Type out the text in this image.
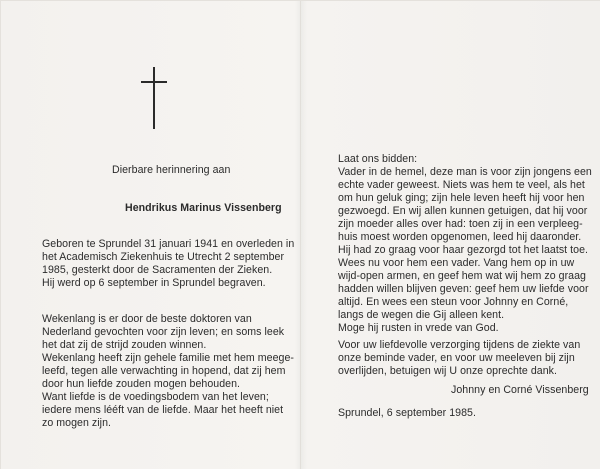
Dierbare herinnering aan
Hendrikus Marinus Vissenberg
Geboren te Sprundel 31 januari 1941 en overleden in
het Academisch Ziekenhuis te Utrecht 2 september
1985, gesterkt door de Sacramenten der Zieken.
Hij werd op 6 september in Sprundel begraven.
Wekenlang is er door de beste doktoren van
Nederland gevochten voor zijn leven; en soms leek
het dat zij de strijd zouden winnen.
Wekenlang heeft zijn gehele familie met hem meege-
leefd, tegen alle verwachting in hopend, dat zij hem
door hun liefde zouden mogen behouden.
Want liefde is de voedingsbodem van het leven;
iedere mens lééft van de liefde. Maar het heeft niet
zo mogen zijn.
Laat ons bidden:
Vader in de hemel, deze man is voor zijn jongens een
echte vader geweest. Niets was hem te veel, als het
om hun geluk ging; zijn hele leven heeft hij voor hen
gezwoegd. En wij allen kunnen getuigen, dat hij voor
zijn moeder alles over had: toen zij in een verpleeg-
huis moest worden opgenomen, leed hij daaronder.
Hij had zo graag voor haar gezorgd tot het laatst toe.
Wees nu voor hem een vader. Vang hem op in uw
wijd-open armen, en geef hem wat wij hem zo graag
hadden willen blijven geven: geef hem uw liefde voor
altijd. En wees een steun voor Johnny en Corné,
langs de wegen die Gij alleen kent.
Moge hij rusten in vrede van God.
Voor uw liefdevolle verzorging tijdens de ziekte van
onze beminde vader, en voor uw meeleven bij zijn
overlijden, betuigen wij U onze oprechte dank.
Johnny en Corné Vissenberg
Sprundel, 6 september 1985.
